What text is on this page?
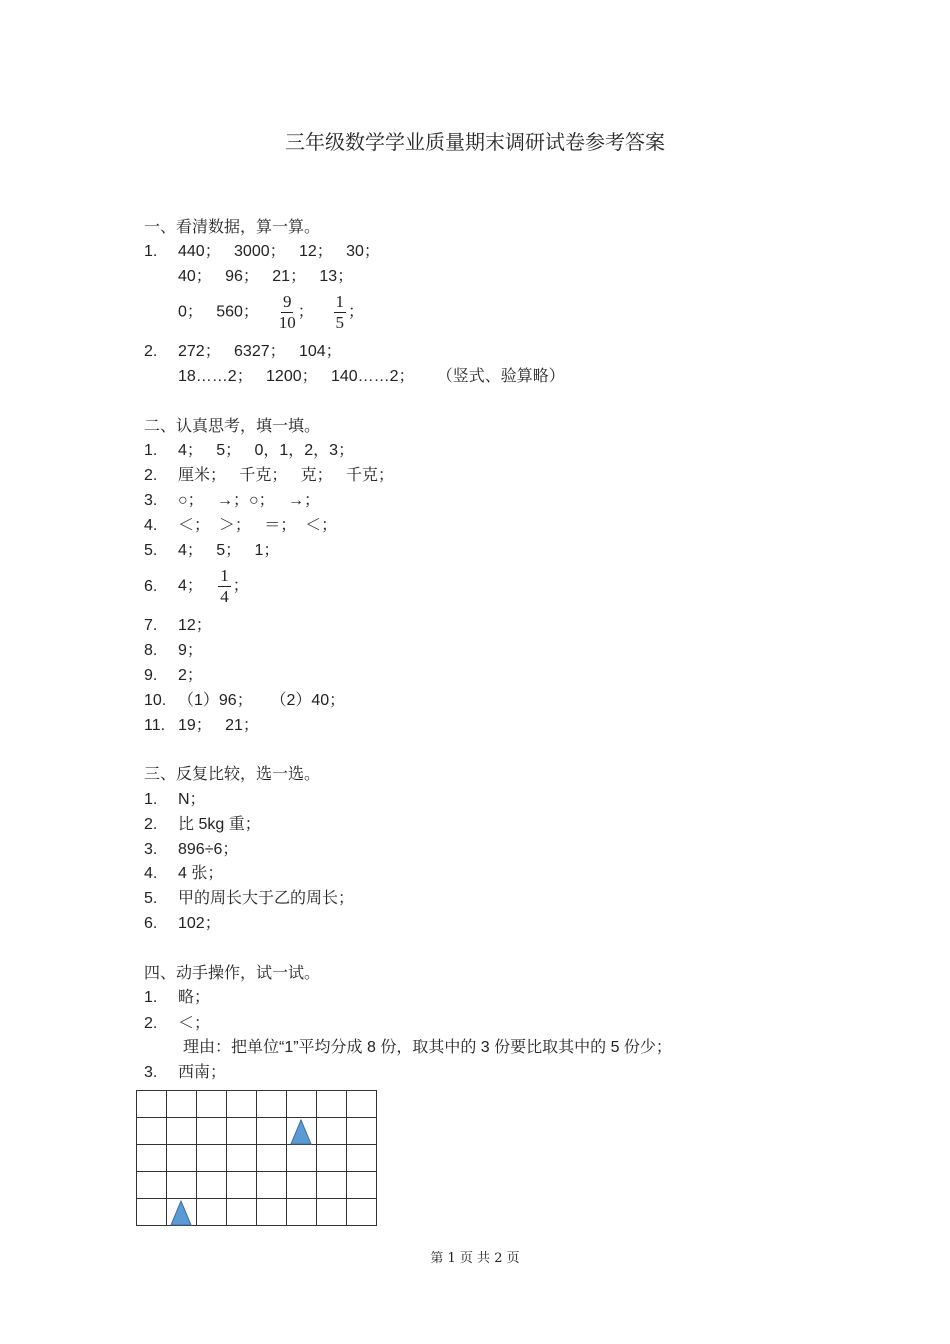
三年级数学学业质量期末调研试卷参考答案
一、看清数据，算一算。
1. 440；   3000；   12；   30；
40；   96；   21；   13；
0；   560； $\frac{9}{10}$ ； $\frac{1}{5}$ ；
2. 272；   6327；   104；
18……2；   1200；   140……2；     （竖式、验算略）
二、认真思考，填一填。
1. 4；   5；   0，1，2，3；
2. 厘米；   千克；   克；   千克；
3. ○；   →；○；   →；
4. ＜；  ＞；   ＝；  ＜；
5. 4；   5；   1；
6. 4； $\frac{1}{4}$ ；
7. 12；
8. 9；
9. 2；
10. （1）96；    （2）40；
11. 19；   21；
三、反复比较，选一选。
1. N；
2. 比 5kg 重；
3. 896÷6；
4. 4 张；
5. 甲的周长大于乙的周长；
6. 102；
四、动手操作，试一试。
1. 略；
2. ＜；
3. 西南；
理由：把单位“1”平均分成 8 份，取其中的 3 份要比取其中的 5 份少；
第 1 页 共 2 页
